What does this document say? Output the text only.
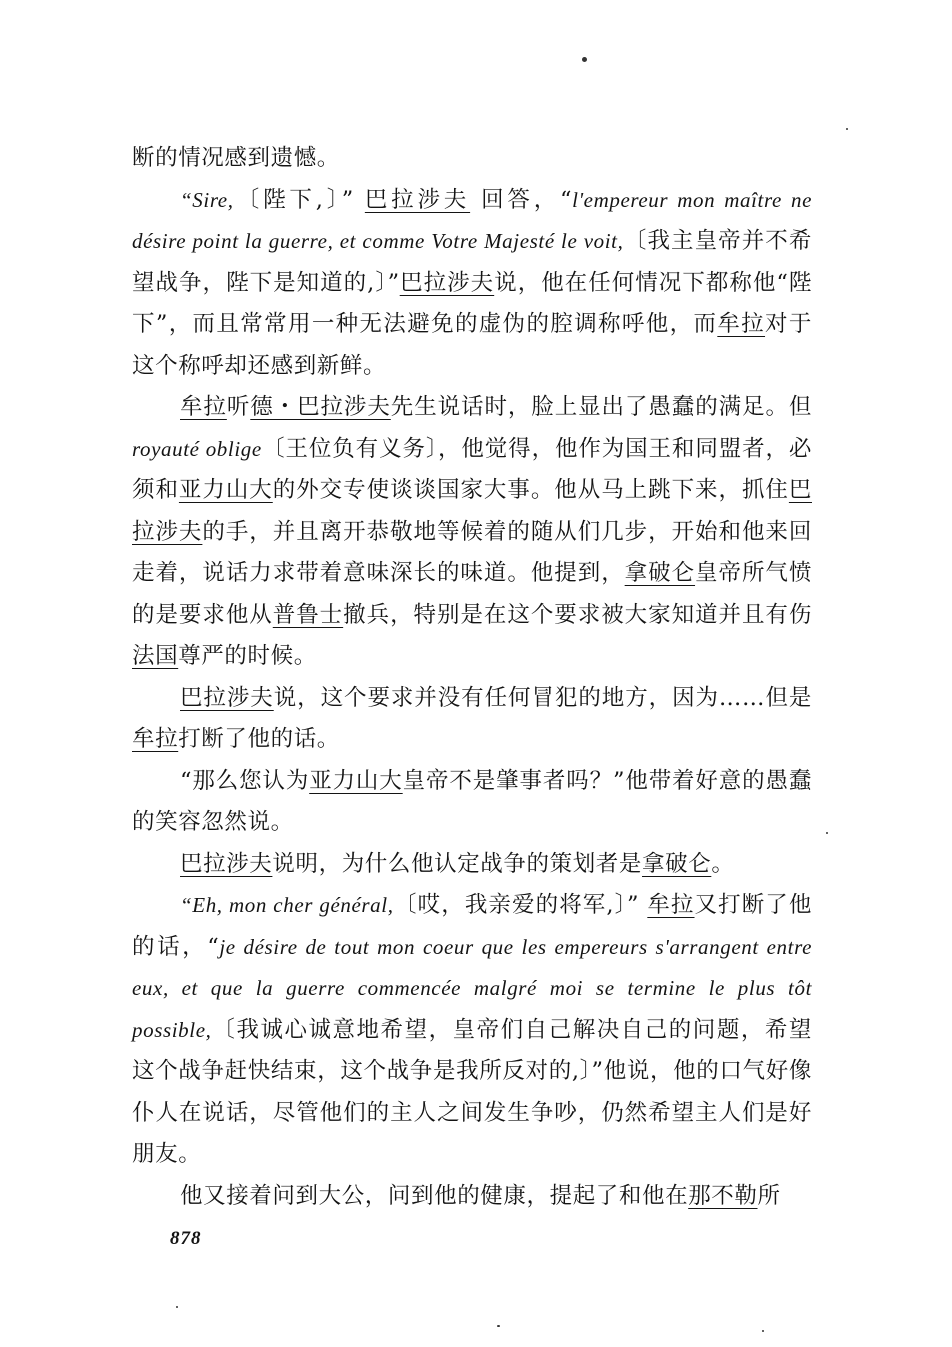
断的情况感到遗憾。

“Sire,〔陛下,〕” 巴拉涉夫 回答，“l'empereur mon maître ne désire point la guerre, et comme Votre Majesté le voit,〔我主皇帝并不希望战争，陛下是知道的,〕”巴拉涉夫说，他在任何情况下都称他“陛下”，而且常常用一种无法避免的虚伪的腔调称呼他，而牟拉对于这个称呼却还感到新鲜。

牟拉听德・巴拉涉夫先生说话时，脸上显出了愚蠢的满足。但 royauté oblige〔王位负有义务〕，他觉得，他作为国王和同盟者，必须和亚力山大的外交专使谈谈国家大事。他从马上跳下来，抓住巴拉涉夫的手，并且离开恭敬地等候着的随从们几步，开始和他来回走着，说话力求带着意味深长的味道。他提到，拿破仑皇帝所气愤的是要求他从普鲁士撤兵，特别是在这个要求被大家知道并且有伤法国尊严的时候。

巴拉涉夫说，这个要求并没有任何冒犯的地方，因为……但是牟拉打断了他的话。

“那么您认为亚力山大皇帝不是肇事者吗？”他带着好意的愚蠢的笑容忽然说。

巴拉涉夫说明，为什么他认定战争的策划者是拿破仑。

“Eh, mon cher général,〔哎，我亲爱的将军,〕” 牟拉又打断了他的话，“je désire de tout mon coeur que les empereurs s'arrangent entre eux, et que la guerre commencée malgré moi se termine le plus tôt possible,〔我诚心诚意地希望，皇帝们自己解决自己的问题，希望这个战争赶快结束，这个战争是我所反对的,〕”他说，他的口气好像仆人在说话，尽管他们的主人之间发生争吵，仍然希望主人们是好朋友。

他又接着问到大公，问到他的健康，提起了和他在那不勒所

878
